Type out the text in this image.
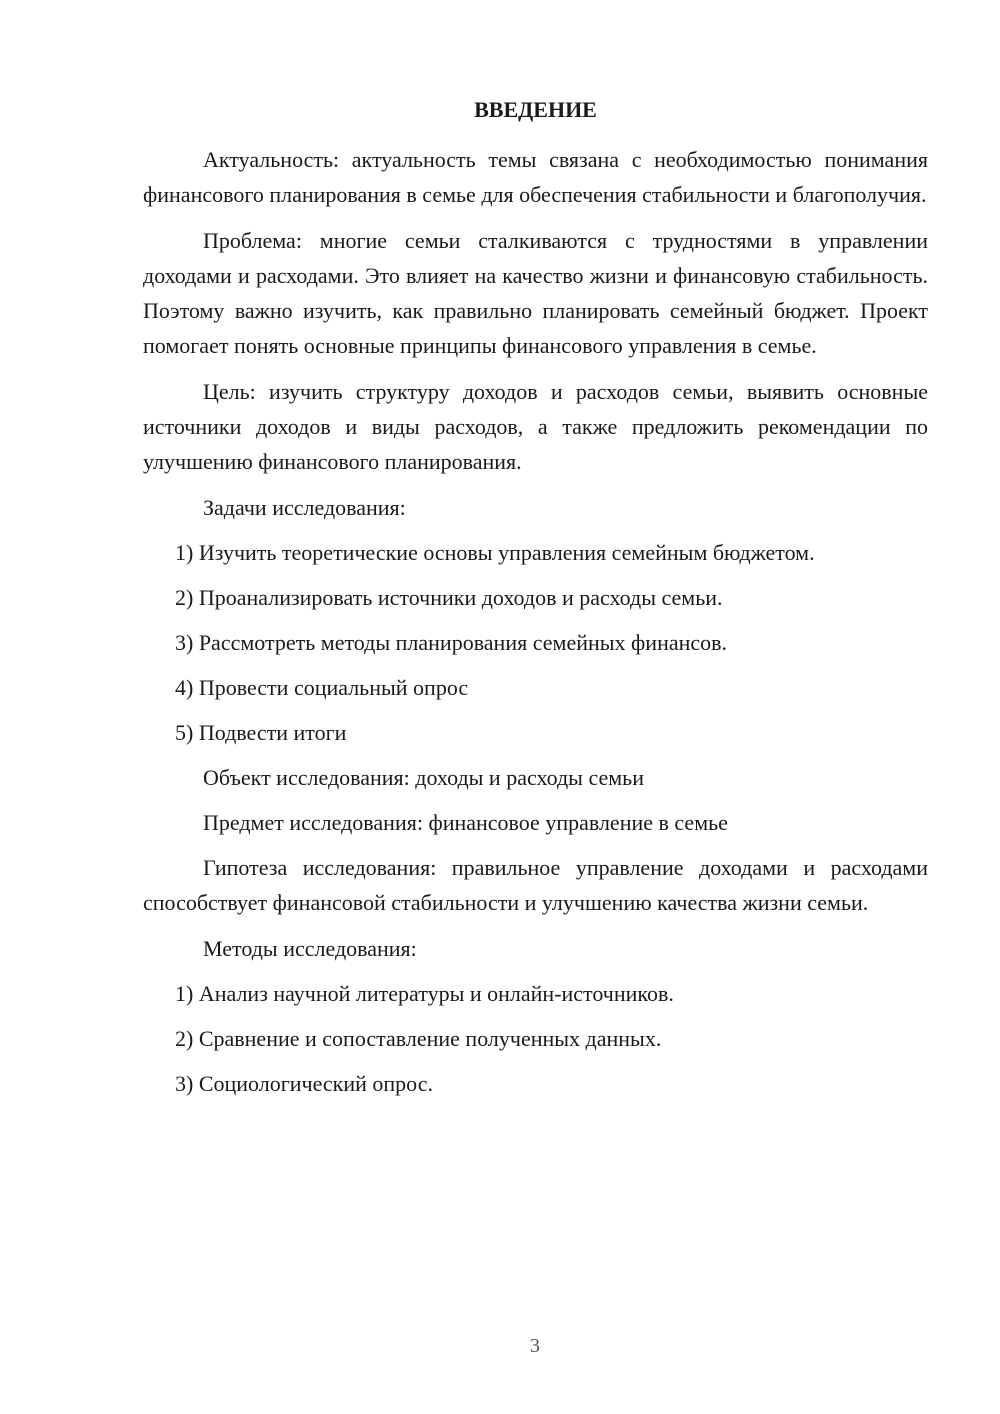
ВВЕДЕНИЕ

Актуальность: актуальность темы связана с необходимостью понимания финансового планирования в семье для обеспечения стабильности и благополучия.

Проблема: многие семьи сталкиваются с трудностями в управлении доходами и расходами. Это влияет на качество жизни и финансовую стабильность. Поэтому важно изучить, как правильно планировать семейный бюджет. Проект помогает понять основные принципы финансового управления в семье.

Цель: изучить структуру доходов и расходов семьи, выявить основные источники доходов и виды расходов, а также предложить рекомендации по улучшению финансового планирования.

Задачи исследования:

1) Изучить теоретические основы управления семейным бюджетом.

2) Проанализировать источники доходов и расходы семьи.

3) Рассмотреть методы планирования семейных финансов.

4) Провести социальный опрос

5) Подвести итоги

Объект исследования: доходы и расходы семьи

Предмет исследования: финансовое управление в семье

Гипотеза исследования: правильное управление доходами и расходами способствует финансовой стабильности и улучшению качества жизни семьи.

Методы исследования:

1) Анализ научной литературы и онлайн-источников.

2) Сравнение и сопоставление полученных данных.

3) Социологический опрос.

3
